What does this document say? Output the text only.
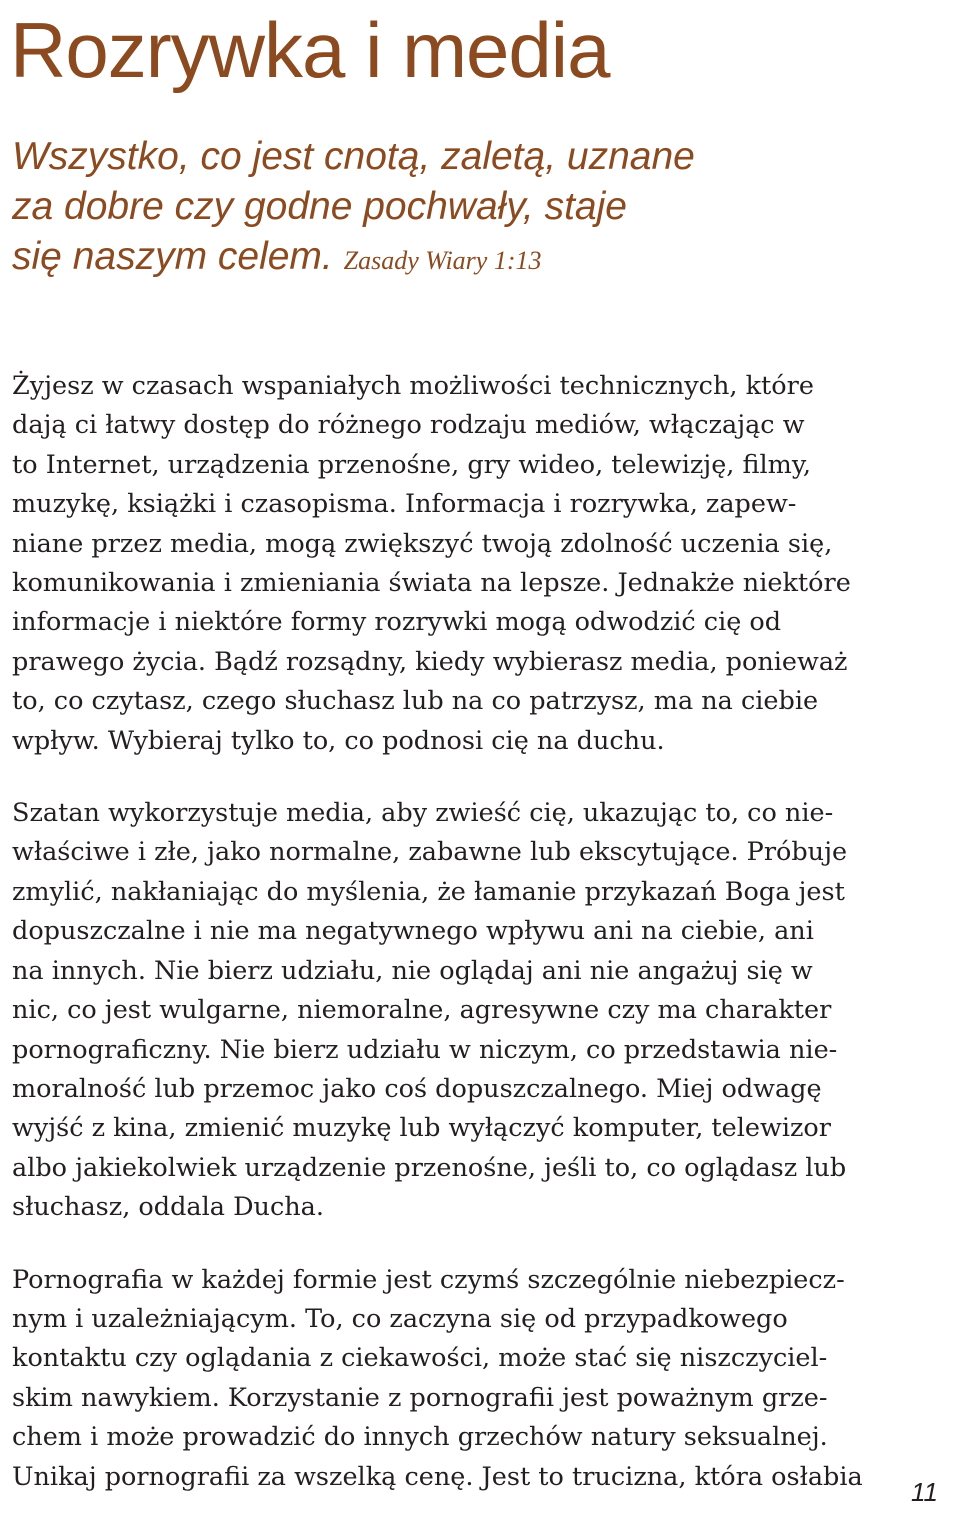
Rozrywka i media

Wszystko, co jest cnotą, zaletą, uznane
za dobre czy godne pochwały, staje
się naszym celem. Zasady Wiary 1:13

Żyjesz w czasach wspaniałych możliwości technicznych, które
dają ci łatwy dostęp do różnego rodzaju mediów, włączając w
to Internet, urządzenia przenośne, gry wideo, telewizję, filmy,
muzykę, książki i czasopisma. Informacja i rozrywka, zapew-
niane przez media, mogą zwiększyć twoją zdolność uczenia się,
komunikowania i zmieniania świata na lepsze. Jednakże niektóre
informacje i niektóre formy rozrywki mogą odwodzić cię od
prawego życia. Bądź rozsądny, kiedy wybierasz media, ponieważ
to, co czytasz, czego słuchasz lub na co patrzysz, ma na ciebie
wpływ. Wybieraj tylko to, co podnosi cię na duchu.

Szatan wykorzystuje media, aby zwieść cię, ukazując to, co nie-
właściwe i złe, jako normalne, zabawne lub ekscytujące. Próbuje
zmylić, nakłaniając do myślenia, że łamanie przykazań Boga jest
dopuszczalne i nie ma negatywnego wpływu ani na ciebie, ani
na innych. Nie bierz udziału, nie oglądaj ani nie angażuj się w
nic, co jest wulgarne, niemoralne, agresywne czy ma charakter
pornograficzny. Nie bierz udziału w niczym, co przedstawia nie-
moralność lub przemoc jako coś dopuszczalnego. Miej odwagę
wyjść z kina, zmienić muzykę lub wyłączyć komputer, telewizor
albo jakiekolwiek urządzenie przenośne, jeśli to, co oglądasz lub
słuchasz, oddala Ducha.

Pornografia w każdej formie jest czymś szczególnie niebezpiecz-
nym i uzależniającym. To, co zaczyna się od przypadkowego
kontaktu czy oglądania z ciekawości, może stać się niszczyciel-
skim nawykiem. Korzystanie z pornografii jest poważnym grze-
chem i może prowadzić do innych grzechów natury seksualnej.
Unikaj pornografii za wszelką cenę. Jest to trucizna, która osłabia

11
